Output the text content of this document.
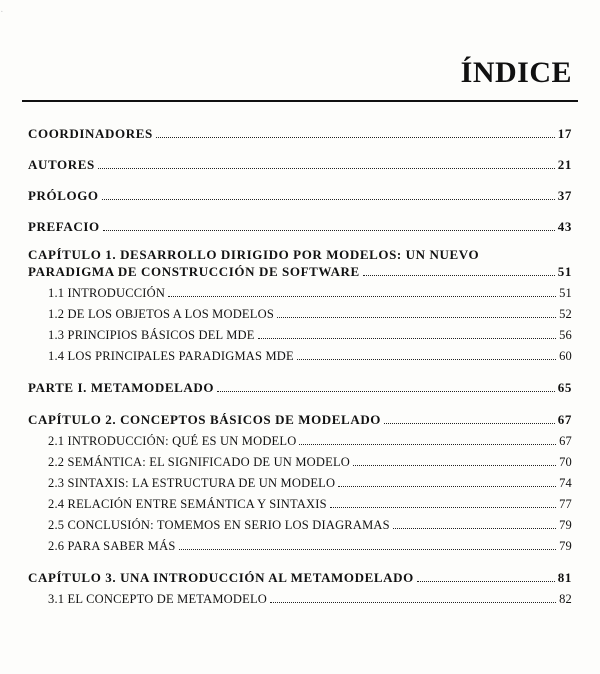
·

ÍNDICE
COORDINADORES	17
AUTORES	21
PRÓLOGO	37
PREFACIO	43
CAPÍTULO 1. DESARROLLO DIRIGIDO POR MODELOS: UN NUEVO
PARADIGMA DE CONSTRUCCIÓN DE SOFTWARE	51
1.1 INTRODUCCIÓN	51
1.2 DE LOS OBJETOS A LOS MODELOS	52
1.3 PRINCIPIOS BÁSICOS DEL MDE	56
1.4 LOS PRINCIPALES PARADIGMAS MDE	60
PARTE I. METAMODELADO	65
CAPÍTULO 2. CONCEPTOS BÁSICOS DE MODELADO	67
2.1 INTRODUCCIÓN: QUÉ ES UN MODELO	67
2.2 SEMÁNTICA: EL SIGNIFICADO DE UN MODELO	70
2.3 SINTAXIS: LA ESTRUCTURA DE UN MODELO	74
2.4 RELACIÓN ENTRE SEMÁNTICA Y SINTAXIS	77
2.5 CONCLUSIÓN: TOMEMOS EN SERIO LOS DIAGRAMAS	79
2.6 PARA SABER MÁS	79
CAPÍTULO 3. UNA INTRODUCCIÓN AL METAMODELADO	81
3.1 EL CONCEPTO DE METAMODELO	82
